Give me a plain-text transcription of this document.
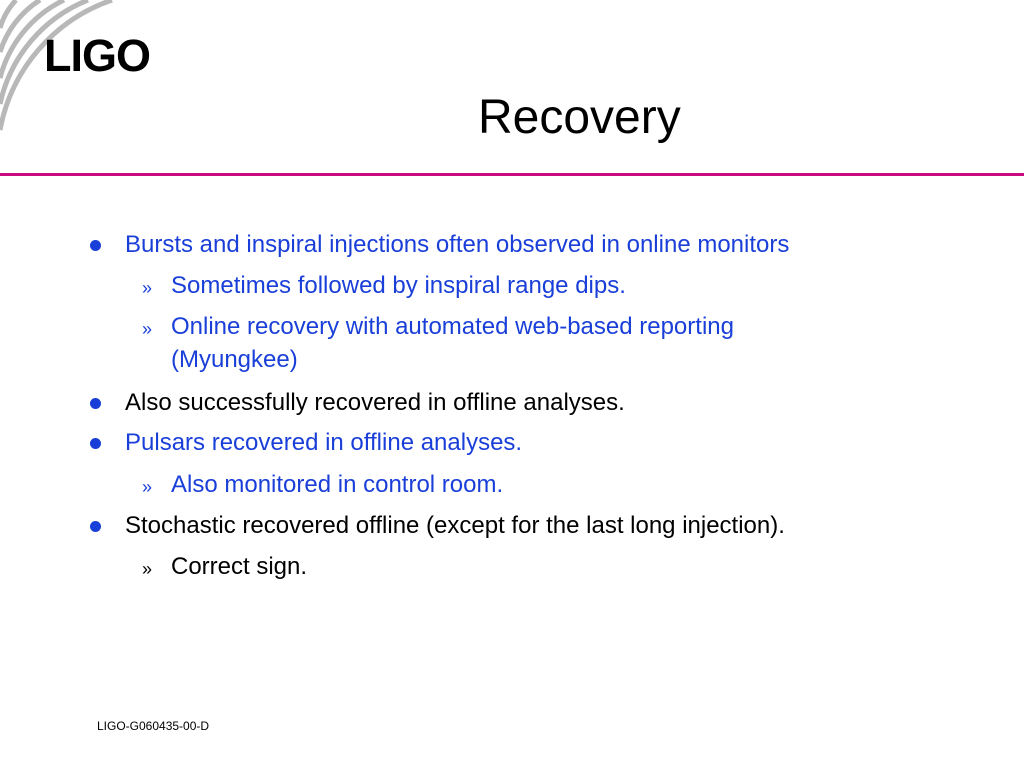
LIGO
Recovery
Bursts and inspiral injections often observed in online monitors
» Sometimes followed by inspiral range dips.
» Online recovery with automated web-based reporting
(Myungkee)
Also successfully recovered in offline analyses.
Pulsars recovered in offline analyses.
» Also monitored in control room.
Stochastic recovered offline (except for the last long injection).
» Correct sign.
LIGO-G060435-00-D
